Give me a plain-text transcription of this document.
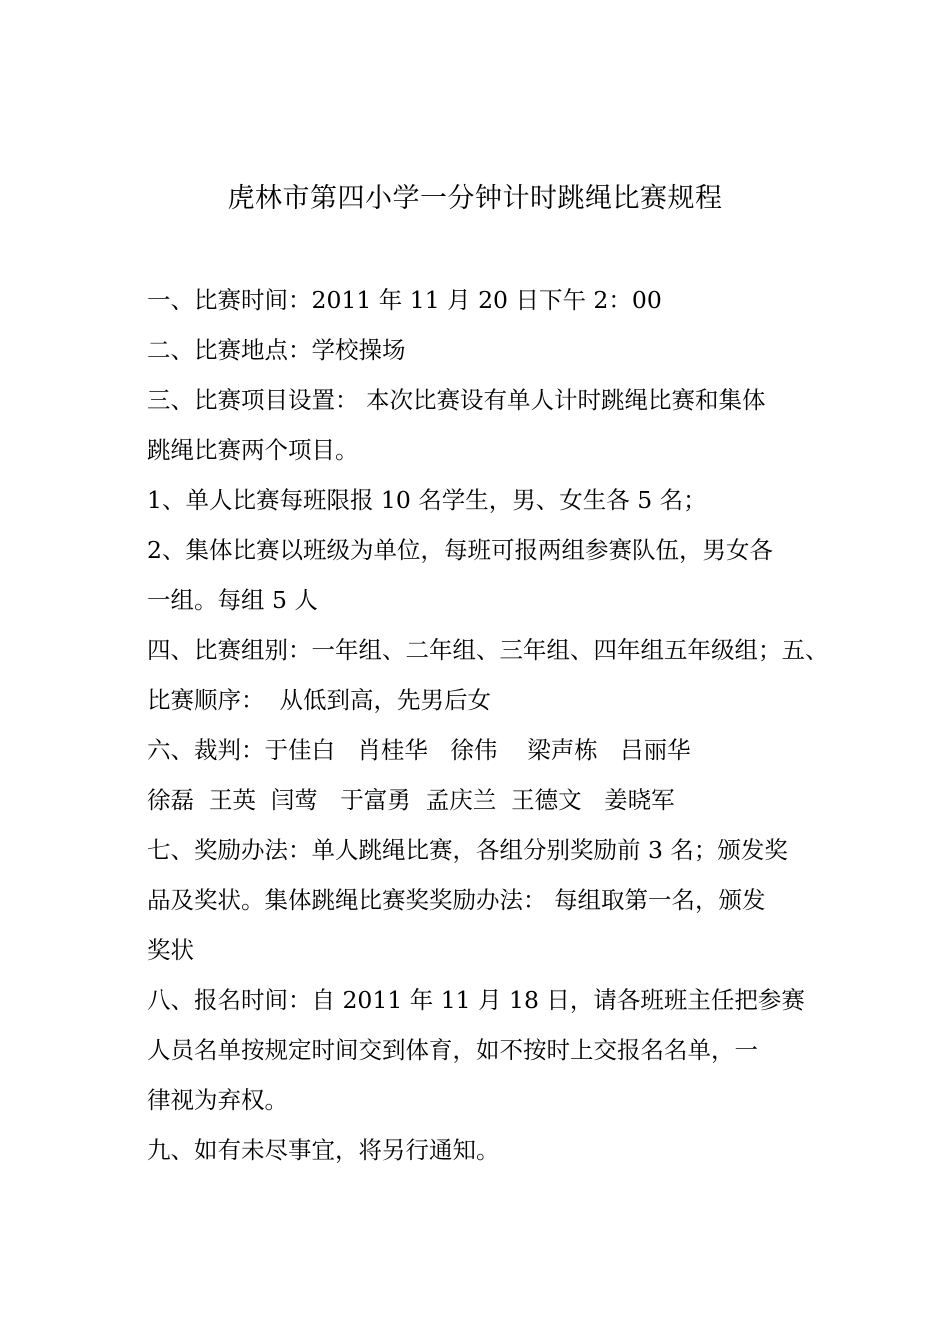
虎林市第四小学一分钟计时跳绳比赛规程
一、比赛时间：2011 年 11 月 20 日下午 2：00
二、比赛地点：学校操场
三、比赛项目设置： 本次比赛设有单人计时跳绳比赛和集体
跳绳比赛两个项目。
1、单人比赛每班限报 10 名学生，男、女生各 5 名；
2、集体比赛以班级为单位，每班可报两组参赛队伍，男女各
一组。每组 5 人
四、比赛组别：一年组、二年组、三年组、四年组五年级组；五、
比赛顺序：  从低到高，先男后女
六、裁判：于佳白   肖桂华   徐伟    梁声栋   吕丽华
徐磊  王英  闫莺   于富勇  孟庆兰  王德文   姜晓军
七、奖励办法：单人跳绳比赛，各组分别奖励前 3 名；颁发奖
品及奖状。集体跳绳比赛奖奖励办法： 每组取第一名，颁发
奖状
八、报名时间：自 2011 年 11 月 18 日，请各班班主任把参赛
人员名单按规定时间交到体育，如不按时上交报名名单，一
律视为弃权。
九、如有未尽事宜，将另行通知。
